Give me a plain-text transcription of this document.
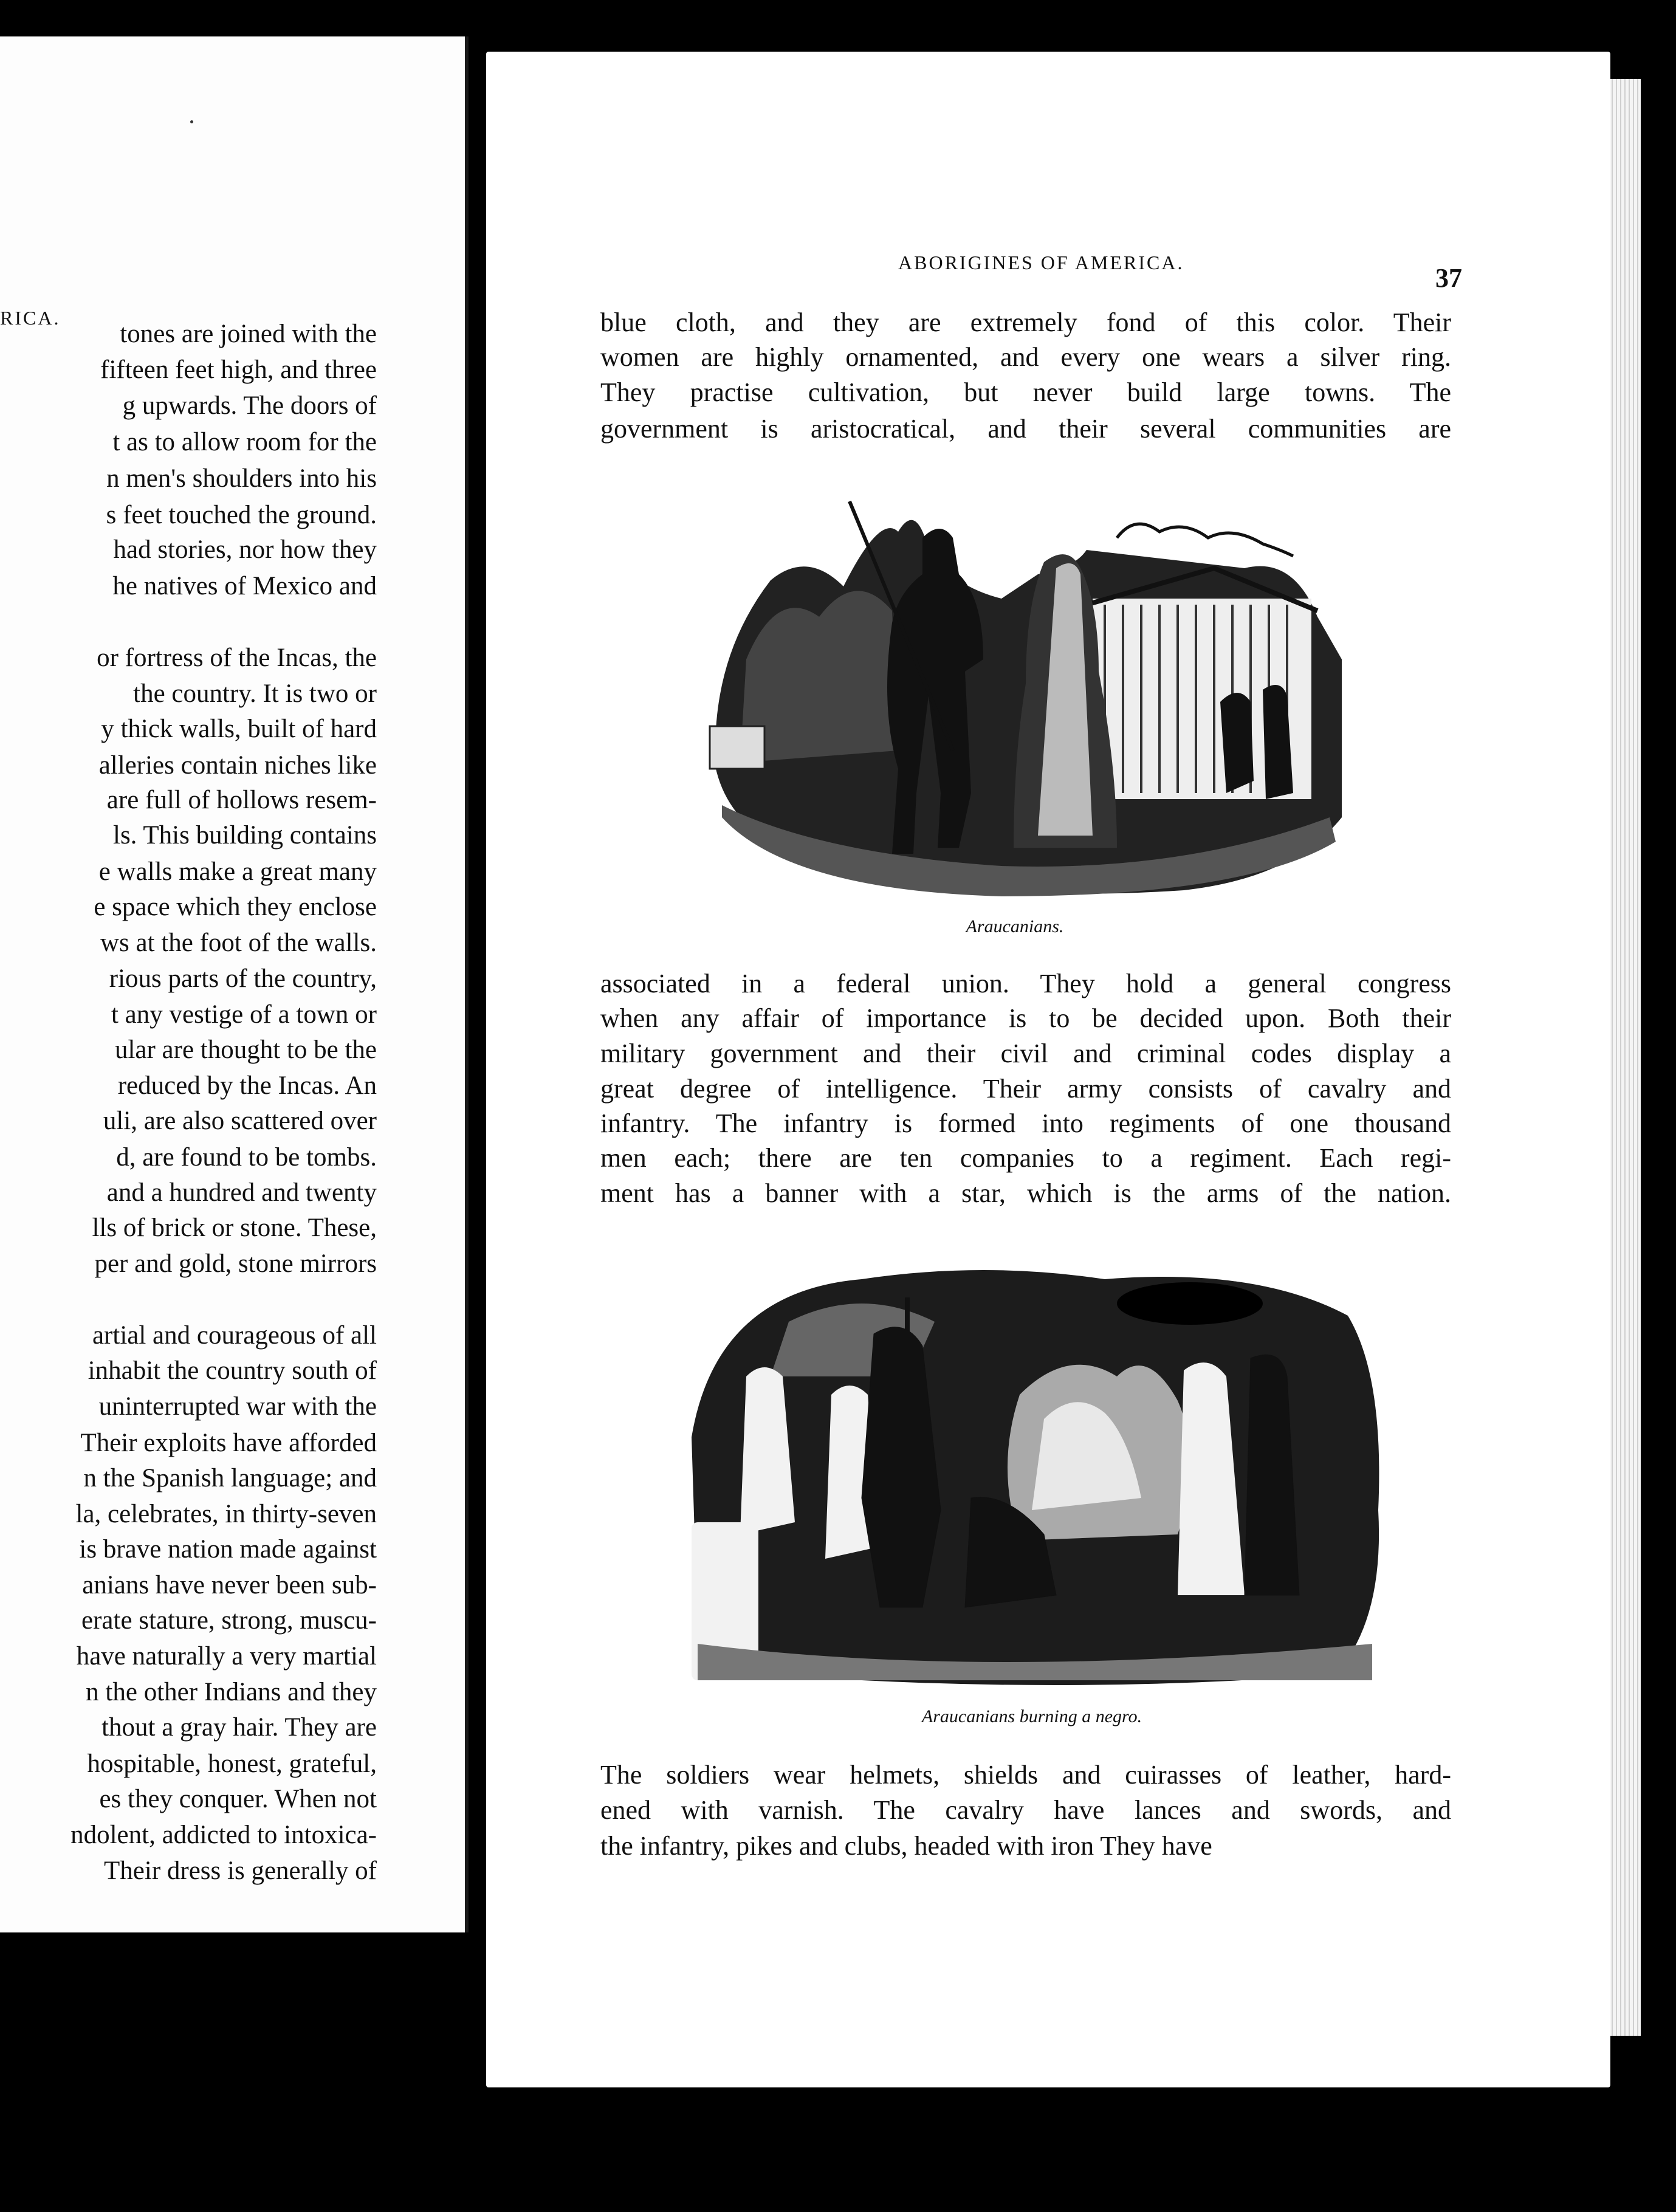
RICA.
tones are joined with the
fifteen feet high, and three
g upwards. The doors of
t as to allow room for the
n men's shoulders into his
s feet touched the ground.
had stories, nor how they
he natives of Mexico and
or fortress of the Incas, the
the country. It is two or
y thick walls, built of hard
alleries contain niches like
are full of hollows resem-
ls. This building contains
e walls make a great many
e space which they enclose
ws at the foot of the walls.
rious parts of the country,
t any vestige of a town or
ular are thought to be the
reduced by the Incas. An
uli, are also scattered over
d, are found to be tombs.
and a hundred and twenty
lls of brick or stone. These,
per and gold, stone mirrors
artial and courageous of all
inhabit the country south of
uninterrupted war with the
Their exploits have afforded
n the Spanish language; and
la, celebrates, in thirty-seven
is brave nation made against
anians have never been sub-
erate stature, strong, muscu-
have naturally a very martial
n the other Indians and they
thout a gray hair. They are
hospitable, honest, grateful,
es they conquer. When not
ndolent, addicted to intoxica-
Their dress is generally of
ABORIGINES OF AMERICA.
37
blue cloth, and they are extremely fond of this color. Their
women are highly ornamented, and every one wears a silver ring.
They practise cultivation, but never build large towns. The
government is aristocratical, and their several communities are
Araucanians.
associated in a federal union. They hold a general congress
when any affair of importance is to be decided upon. Both their
military government and their civil and criminal codes display a
great degree of intelligence. Their army consists of cavalry and
infantry. The infantry is formed into regiments of one thousand
men each; there are ten companies to a regiment. Each regi-
ment has a banner with a star, which is the arms of the nation.
Araucanians burning a negro.
The soldiers wear helmets, shields and cuirasses of leather, hard-
ened with varnish. The cavalry have lances and swords, and
the infantry, pikes and clubs, headed with iron They have
